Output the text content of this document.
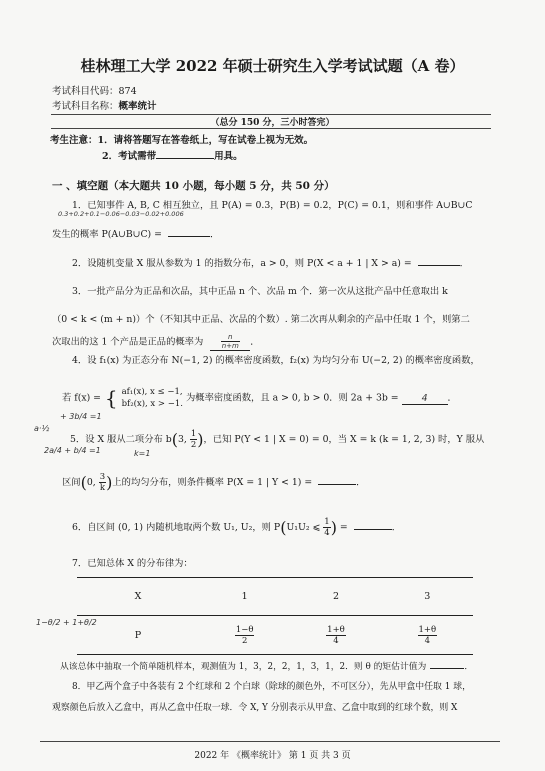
桂林理工大学 2022 年硕士研究生入学考试试题（A 卷）
考试科目代码：874
考试科目名称：概率统计
（总分 150 分，三小时答完）
考生注意：1．请将答题写在答卷纸上，写在试卷上视为无效。
2．考试需带	用具。
一 、填空题（本大题共 10 小题，每小题 5 分，共 50 分）
1．已知事件 A, B, C 相互独立，且 P(A) = 0.3，P(B) = 0.2，P(C) = 0.1，则和事件 A∪B∪C
0.3+0.2+0.1−0.06−0.03−0.02+0.006
发生的概率 P(A∪B∪C) =	．
2．设随机变量 X 服从参数为 1 的指数分布，a > 0，则 P(X < a + 1 | X > a) =	．
3．一批产品分为正品和次品，其中正品 n 个、次品 m 个．第一次从这批产品中任意取出 k
（0 < k < (m + n)）个（不知其中正品、次品的个数）. 第二次再从剩余的产品中任取 1 个，则第二
次取出的这 1 个产品是正品的概率为 $\frac{n}{n+m}$ ．
4．设 f₁(x) 为正态分布 N(−1, 2) 的概率密度函数，f₂(x) 为均匀分布 U(−2, 2) 的概率密度函数，
若 f(x) = { af₁(x), x ≤ −1,
bf₂(x), x > −1.
为概率密度函数，且 a > 0, b > 0．则 2a + 3b = 4 ．
a·½
+ 3b/4 =1
2a/4 + b/4 =1
5．设 X 服从二项分布 b(3, $\frac{1}{2}$ )，已知 P(Y < 1 | X = 0) = 0，当 X = k (k = 1, 2, 3) 时，Y 服从
k=1
区间(0, $\frac{3}{k}$ )上的均匀分布，则条件概率 P(X = 1 | Y < 1) =	．
6．自区间 (0, 1) 内随机地取两个数 U₁, U₂，则 P(U₁U₂ ⩽ $\frac{1}{4}$ ) =	．
7．已知总体 X 的分布律为：
X	1	2	3
P	$\frac{1-\theta}{2}$	$\frac{1+\theta}{4}$	$\frac{1+\theta}{4}$
1−θ/2 + 1+θ/2
从该总体中抽取一个简单随机样本，观测值为 1，3，2，2，1，3，1，2．则 θ 的矩估计值为	．
8．甲乙两个盒子中各装有 2 个红球和 2 个白球（除球的颜色外，不可区分），先从甲盒中任取 1 球，
观察颜色后放入乙盒中，再从乙盒中任取一球．令 X, Y 分别表示从甲盒、乙盒中取到的红球个数，则 X
2022 年 《概率统计》 第 1 页 共 3 页
